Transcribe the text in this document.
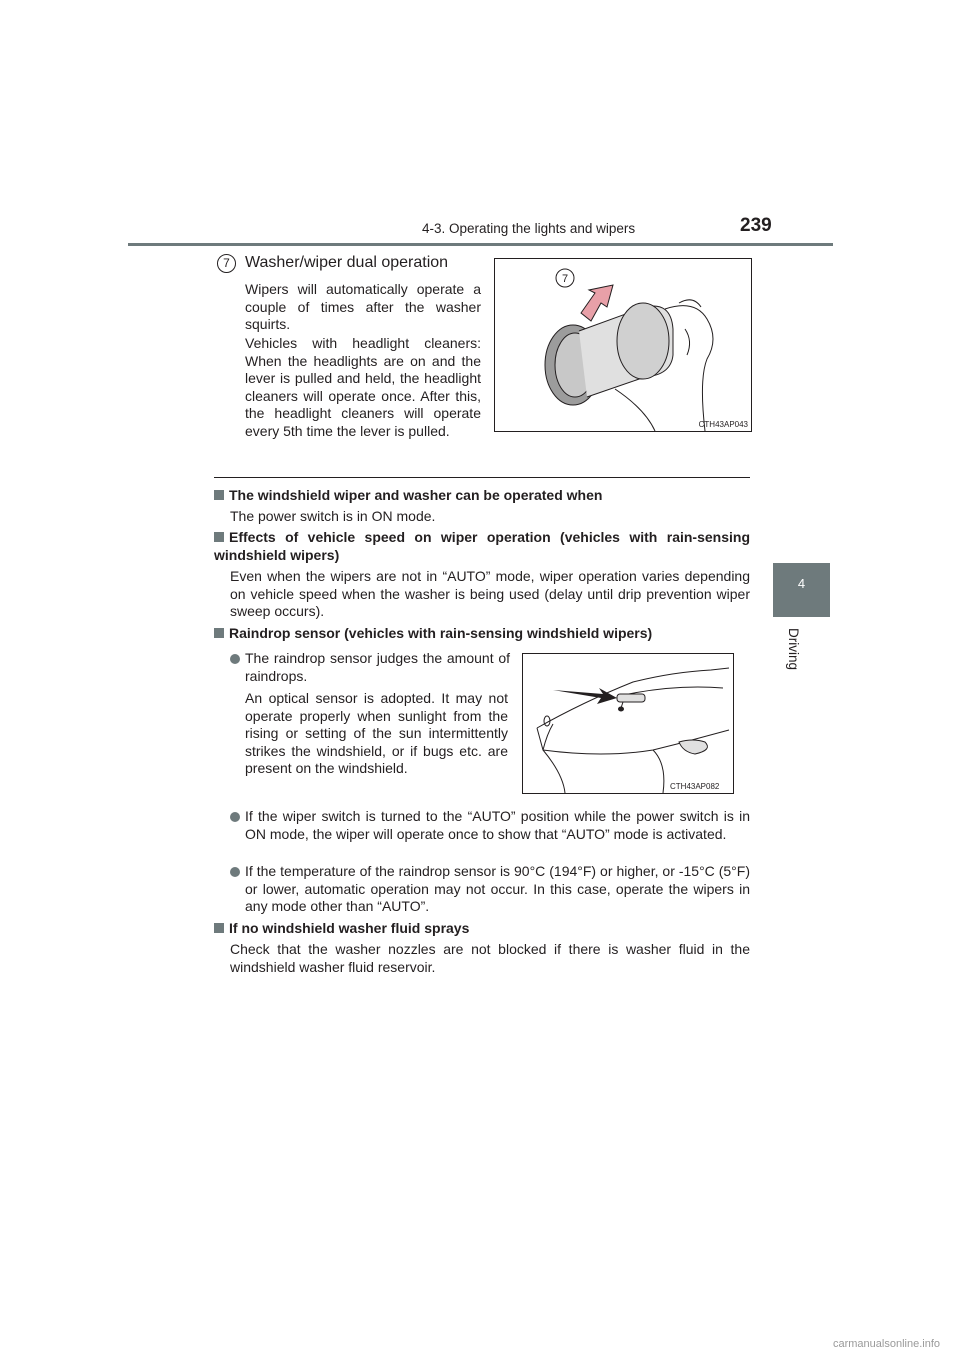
4-3. Operating the lights and wipers	239
4
Driving
7 Washer/wiper dual operation
Wipers will automatically operate a couple of times after the washer squirts.
Vehicles with headlight cleaners: When the headlights are on and the lever is pulled and held, the headlight cleaners will operate once. After this, the headlight cleaners will operate every 5th time the lever is pulled.
7
CTH43AP043
The windshield wiper and washer can be operated when
The power switch is in ON mode.
Effects of vehicle speed on wiper operation (vehicles with rain-sensing windshield wipers)
Even when the wipers are not in “AUTO” mode, wiper operation varies depending on vehicle speed when the washer is being used (delay until drip prevention wiper sweep occurs).
Raindrop sensor (vehicles with rain-sensing windshield wipers)
The raindrop sensor judges the amount of raindrops.
An optical sensor is adopted. It may not operate properly when sunlight from the rising or setting of the sun intermittently strikes the windshield, or if bugs etc. are present on the windshield.
CTH43AP082
If the wiper switch is turned to the “AUTO” position while the power switch is in ON mode, the wiper will operate once to show that “AUTO” mode is activated.
If the temperature of the raindrop sensor is 90°C (194°F) or higher, or -15°C (5°F) or lower, automatic operation may not occur. In this case, operate the wipers in any mode other than “AUTO”.
If no windshield washer fluid sprays
Check that the washer nozzles are not blocked if there is washer fluid in the windshield washer fluid reservoir.
carmanualsonline.info
